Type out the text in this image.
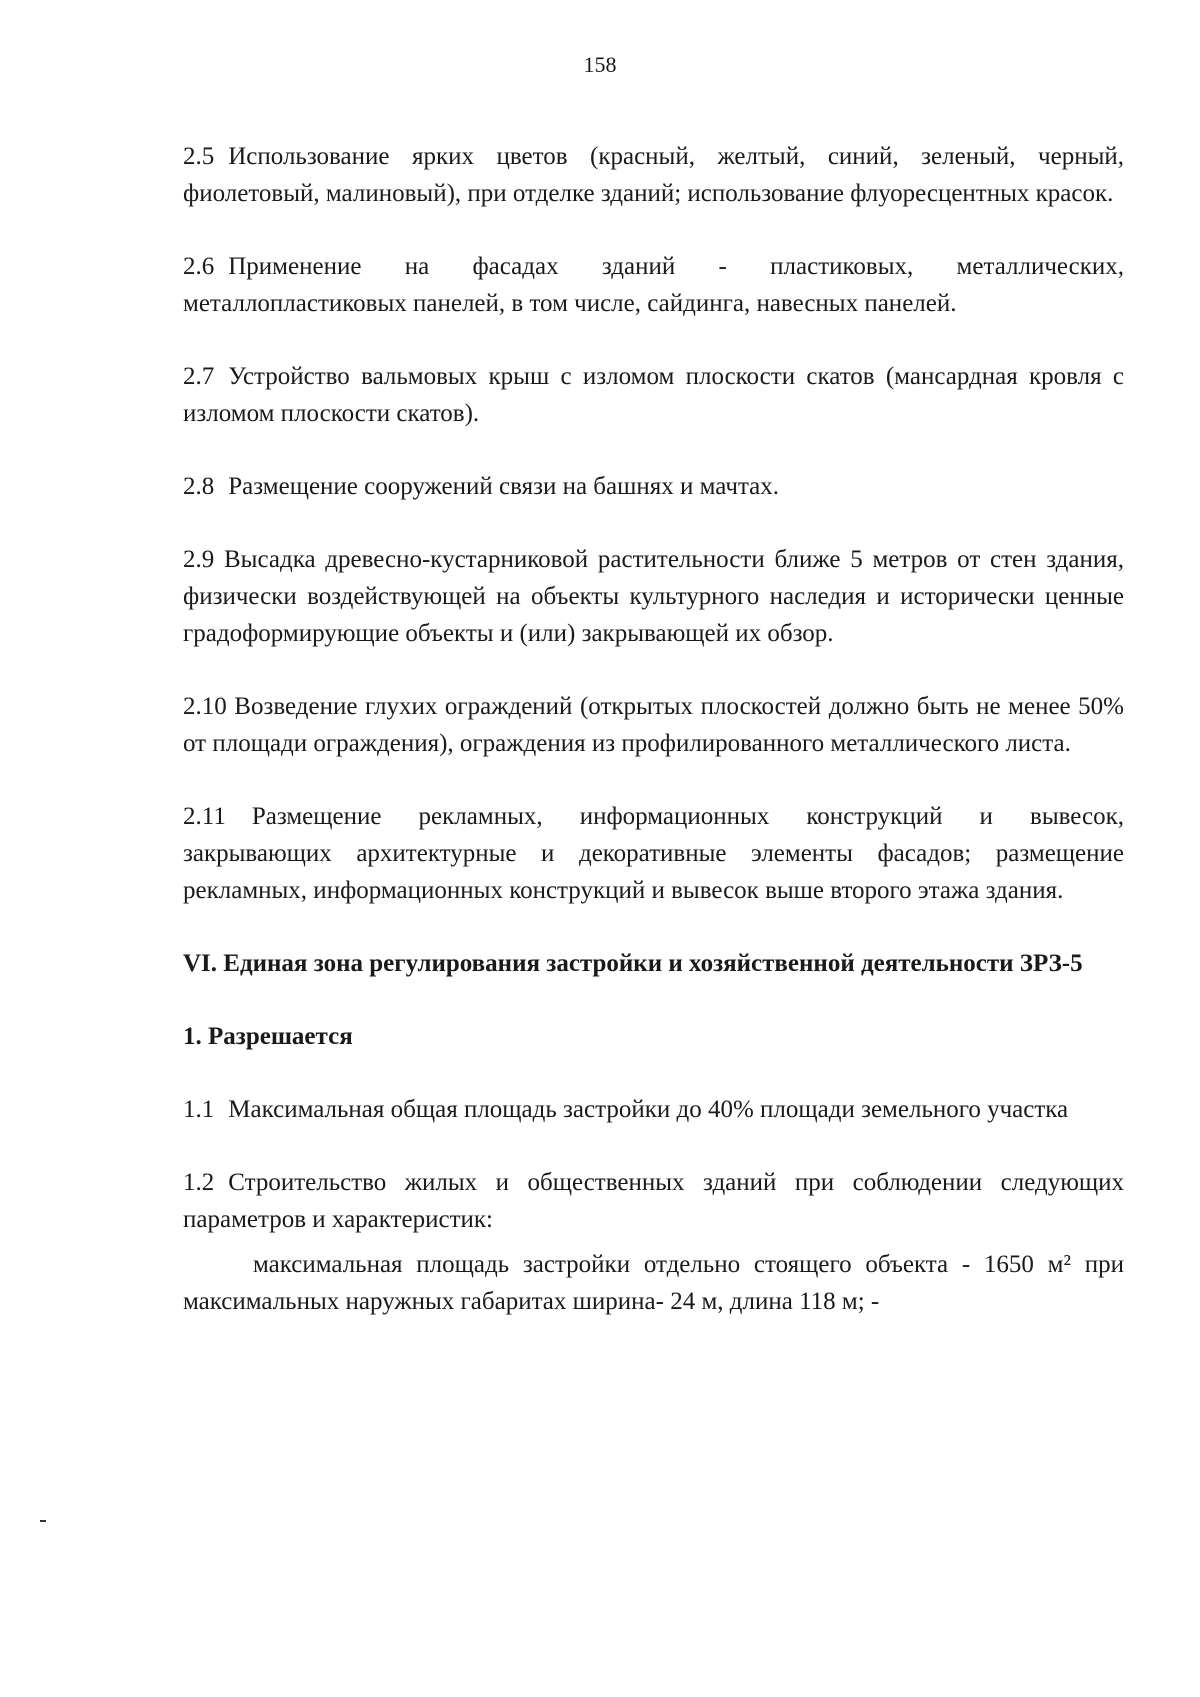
158

2.5 Использование ярких цветов (красный, желтый, синий, зеленый, черный, фиолетовый, малиновый), при отделке зданий; использование флуоресцентных красок.

2.6 Применение на фасадах зданий - пластиковых, металлических, металлопластиковых панелей, в том числе, сайдинга, навесных панелей.

2.7 Устройство вальмовых крыш с изломом плоскости скатов (мансардная кровля с изломом плоскости скатов).

2.8 Размещение сооружений связи на башнях и мачтах.

2.9 Высадка древесно-кустарниковой растительности ближе 5 метров от стен здания, физически воздействующей на объекты культурного наследия и исторически ценные градоформирующие объекты и (или) закрывающей их обзор.

2.10 Возведение глухих ограждений (открытых плоскостей должно быть не менее 50% от площади ограждения), ограждения из профилированного металлического листа.

2.11 Размещение рекламных, информационных конструкций и вывесок, закрывающих архитектурные и декоративные элементы фасадов; размещение рекламных, информационных конструкций и вывесок выше второго этажа здания.

VI. Единая зона регулирования застройки и хозяйственной деятельности ЗРЗ-5

1. Разрешается

1.1 Максимальная общая площадь застройки до 40% площади земельного участка

1.2 Строительство жилых и общественных зданий при соблюдении следующих параметров и характеристик:

максимальная площадь застройки отдельно стоящего объекта - 1650 м² при максимальных наружных габаритах ширина- 24 м, длина 118 м; -
